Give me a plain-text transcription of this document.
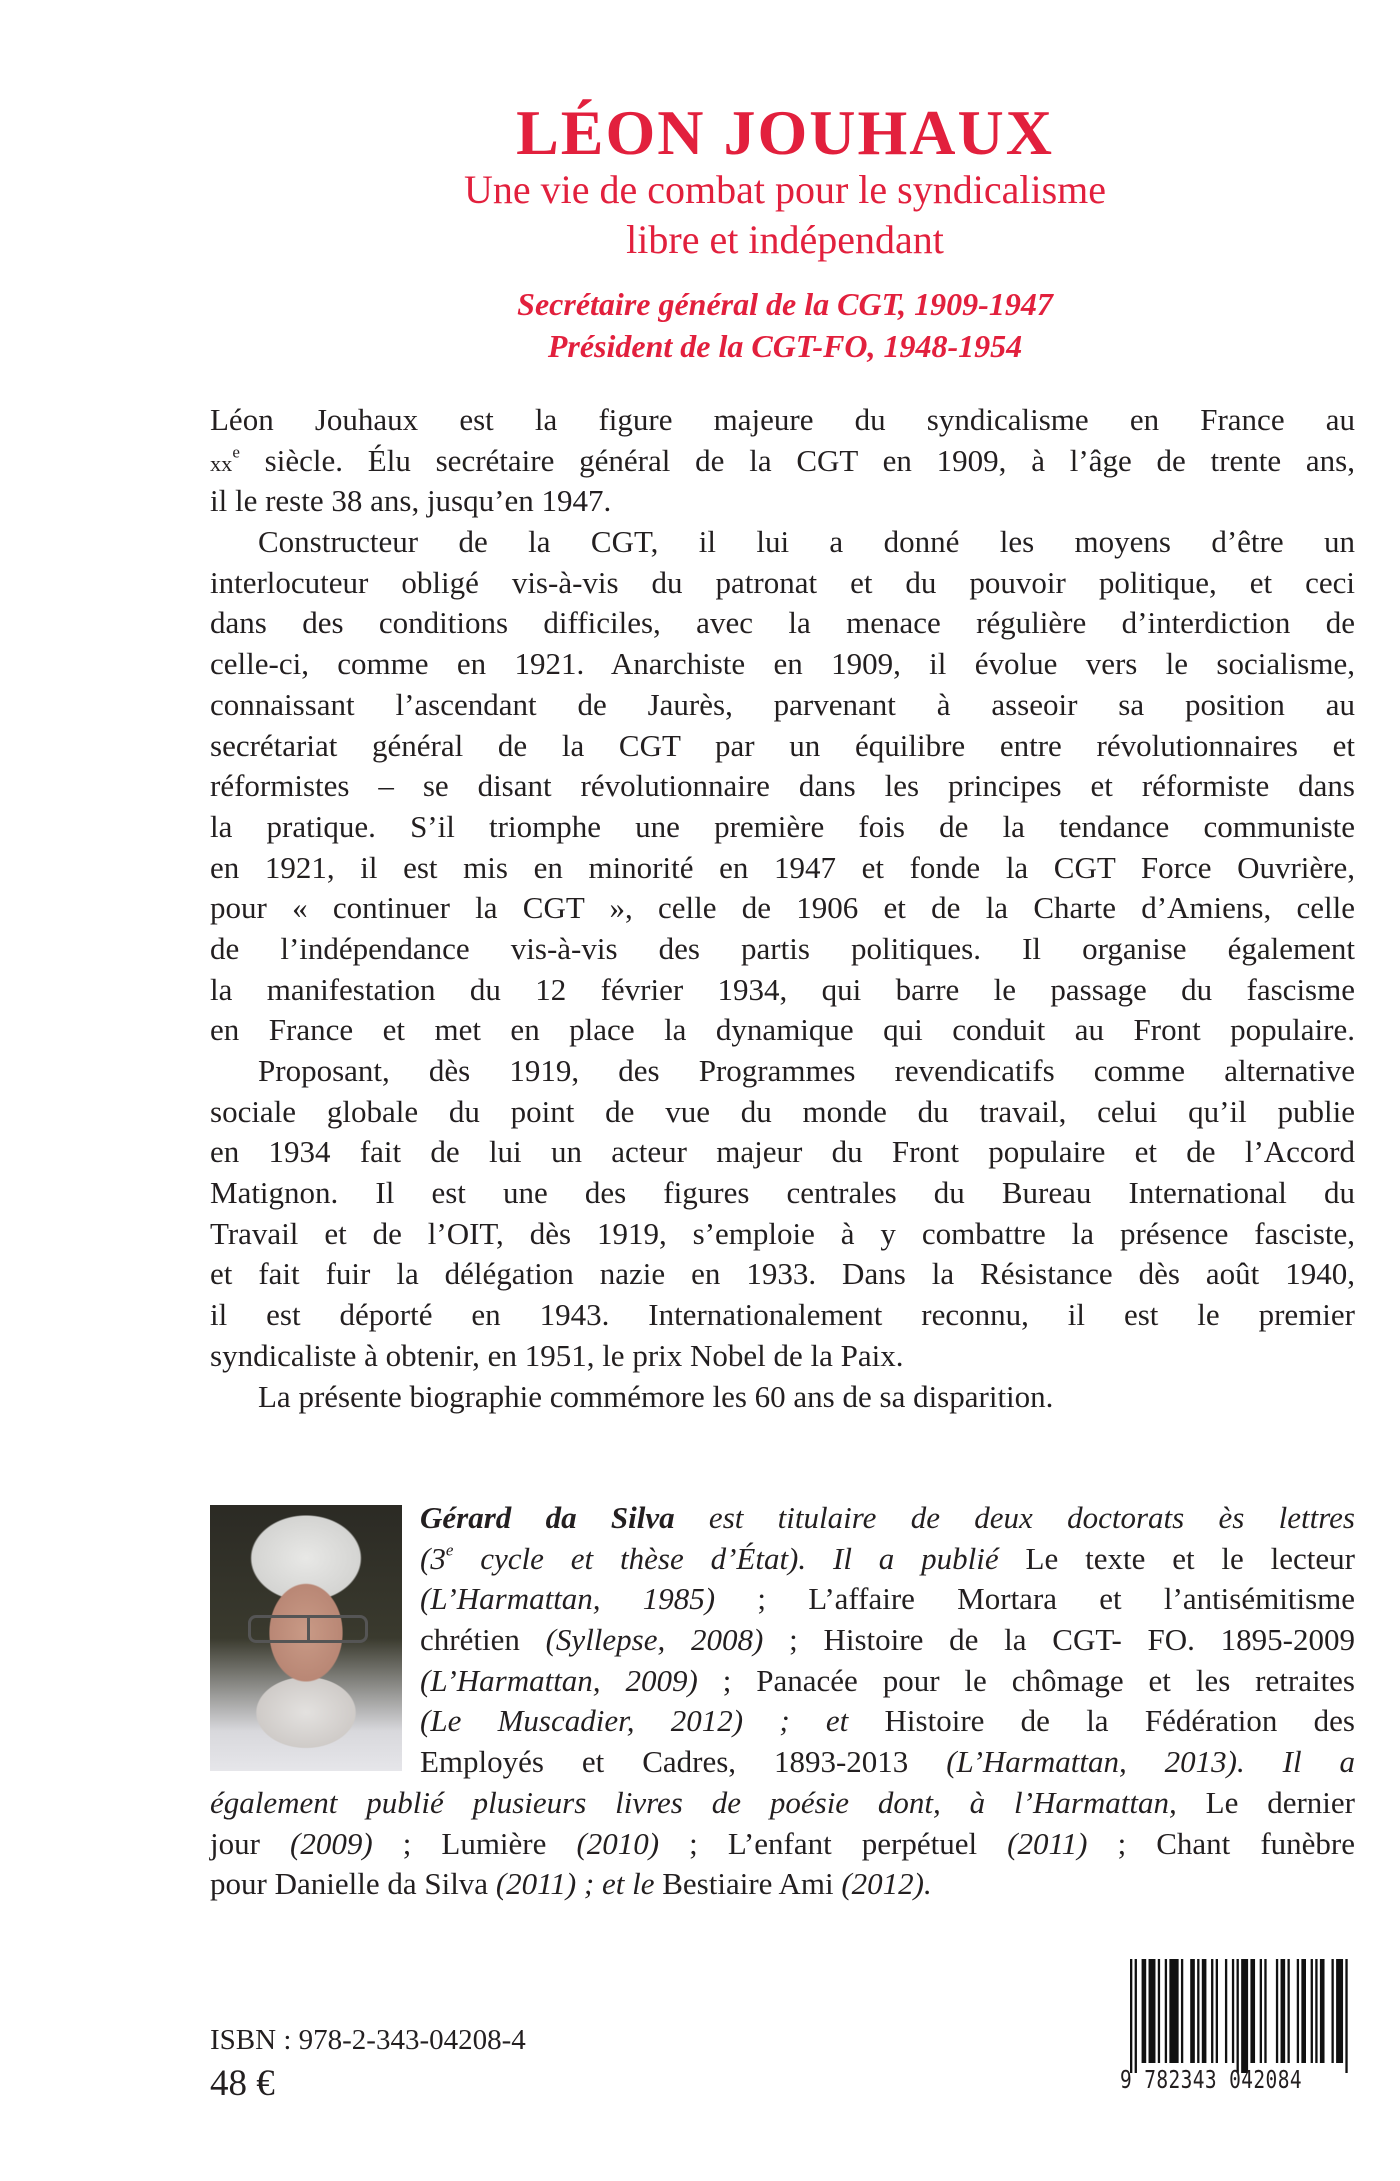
LÉON JOUHAUX
Une vie de combat pour le syndicalisme
libre et indépendant
Secrétaire général de la CGT, 1909-1947
Président de la CGT-FO, 1948-1954
Léon Jouhaux est la figure majeure du syndicalisme en France au
$xx^e$ siècle. Élu secrétaire général de la CGT en 1909, à l’âge de trente ans,
il le reste 38 ans, jusqu’en 1947.
Constructeur de la CGT, il lui a donné les moyens d’être un
interlocuteur obligé vis-à-vis du patronat et du pouvoir politique, et ceci
dans des conditions difficiles, avec la menace régulière d’interdiction de
celle-ci, comme en 1921. Anarchiste en 1909, il évolue vers le socialisme,
connaissant l’ascendant de Jaurès, parvenant à asseoir sa position au
secrétariat général de la CGT par un équilibre entre révolutionnaires et
réformistes – se disant révolutionnaire dans les principes et réformiste dans
la pratique. S’il triomphe une première fois de la tendance communiste
en 1921, il est mis en minorité en 1947 et fonde la CGT Force Ouvrière,
pour « continuer la CGT », celle de 1906 et de la Charte d’Amiens, celle
de l’indépendance vis-à-vis des partis politiques. Il organise également
la manifestation du 12 février 1934, qui barre le passage du fascisme
en France et met en place la dynamique qui conduit au Front populaire.
Proposant, dès 1919, des Programmes revendicatifs comme alternative
sociale globale du point de vue du monde du travail, celui qu’il publie
en 1934 fait de lui un acteur majeur du Front populaire et de l’Accord
Matignon. Il est une des figures centrales du Bureau International du
Travail et de l’OIT, dès 1919, s’emploie à y combattre la présence fasciste,
et fait fuir la délégation nazie en 1933. Dans la Résistance dès août 1940,
il est déporté en 1943. Internationalement reconnu, il est le premier
syndicaliste à obtenir, en 1951, le prix Nobel de la Paix.
La présente biographie commémore les 60 ans de sa disparition.
Gérard da Silva est titulaire de deux doctorats ès lettres
(3e cycle et thèse d’État). Il a publié Le texte et le lecteur
(L’Harmattan, 1985) ; L’affaire Mortara et l’antisémitisme
chrétien (Syllepse, 2008) ; Histoire de la CGT- FO. 1895-2009
(L’Harmattan, 2009) ; Panacée pour le chômage et les retraites
(Le Muscadier, 2012) ; et Histoire de la Fédération des
Employés et Cadres, 1893-2013 (L’Harmattan, 2013). Il a
également publié plusieurs livres de poésie dont, à l’Harmattan, Le dernier
jour (2009) ; Lumière (2010) ; L’enfant perpétuel (2011) ; Chant funèbre
pour Danielle da Silva (2011) ; et le Bestiaire Ami (2012).
ISBN : 978-2-343-04208-4
48 €	9 782343 042084
